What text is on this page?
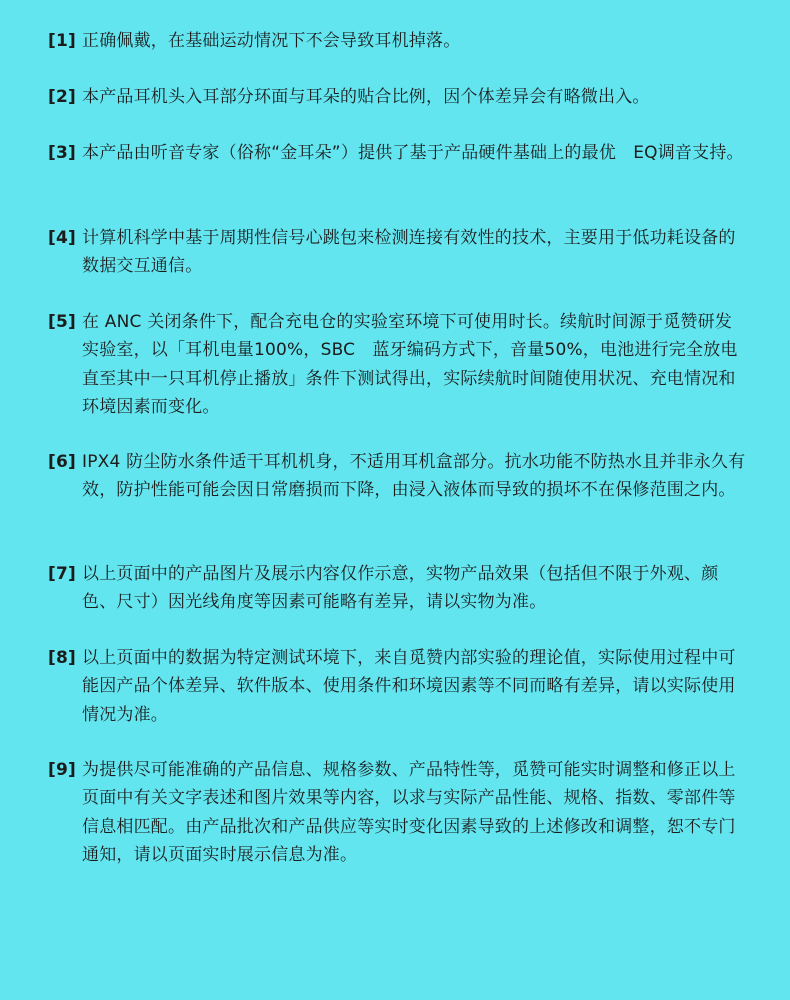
[1] 正确佩戴，在基础运动情况下不会导致耳机掉落。
[2] 本产品耳机头入耳部分环面与耳朵的贴合比例，因个体差异会有略微出入。
[3] 本产品由听音专家（俗称“金耳朵”）提供了基于产品硬件基础上的最优　EQ调音支持。
[4] 计算机科学中基于周期性信号心跳包来检测连接有效性的技术，主要用于低功耗设备的数据交互通信。
[5] 在 ANC 关闭条件下，配合充电仓的实验室环境下可使用时长。续航时间源于觅赞研发实验室，以「耳机电量100%，SBC　蓝牙编码方式下，音量50%，电池进行完全放电直至其中一只耳机停止播放」条件下测试得出，实际续航时间随使用状况、充电情况和环境因素而变化。
[6] IPX4 防尘防水条件适干耳机机身，不适用耳机盒部分。抗水功能不防热水且并非永久有效，防护性能可能会因日常磨损而下降，由浸入液体而导致的损坏不在保修范围之内。
[7] 以上页面中的产品图片及展示内容仅作示意，实物产品效果（包括但不限于外观、颜色、尺寸）因光线角度等因素可能略有差异，请以实物为准。
[8] 以上页面中的数据为特定测试环境下，来自觅赞内部实验的理论值，实际使用过程中可能因产品个体差异、软件版本、使用条件和环境因素等不同而略有差异，请以实际使用情况为准。
[9] 为提供尽可能准确的产品信息、规格参数、产品特性等，觅赞可能实时调整和修正以上页面中有关文字表述和图片效果等内容，以求与实际产品性能、规格、指数、零部件等信息相匹配。由产品批次和产品供应等实时变化因素导致的上述修改和调整，恕不专门通知，请以页面实时展示信息为准。
